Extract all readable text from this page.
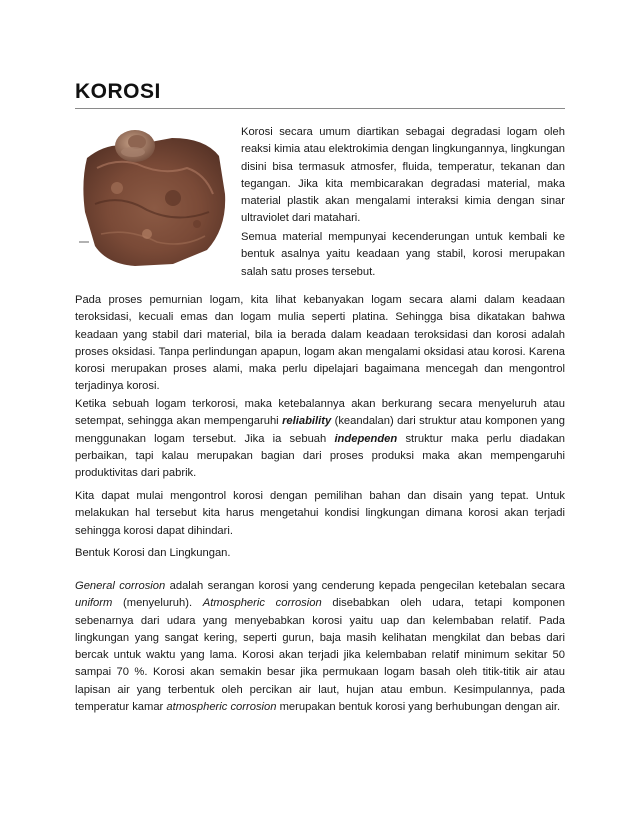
KOROSI

Korosi secara umum diartikan sebagai degradasi logam oleh reaksi kimia atau elektrokimia dengan lingkungannya, lingkungan disini bisa termasuk atmosfer, fluida, temperatur, tekanan dan tegangan. Jika kita membicarakan degradasi material, maka material plastik akan mengalami interaksi kimia dengan sinar ultraviolet dari matahari.

Semua material mempunyai kecenderungan untuk kembali ke bentuk asalnya yaitu keadaan yang stabil, korosi merupakan salah satu proses tersebut.

Pada proses pemurnian logam, kita lihat kebanyakan logam secara alami dalam keadaan teroksidasi, kecuali emas dan logam mulia seperti platina. Sehingga bisa dikatakan bahwa keadaan yang stabil dari material, bila ia berada dalam keadaan teroksidasi dan korosi adalah proses oksidasi. Tanpa perlindungan apapun, logam akan mengalami oksidasi atau korosi. Karena korosi merupakan proses alami, maka perlu dipelajari bagaimana mencegah dan mengontrol terjadinya korosi.

Ketika sebuah logam terkorosi, maka ketebalannya akan berkurang secara menyeluruh atau setempat, sehingga akan mempengaruhi reliability (keandalan) dari struktur atau komponen yang menggunakan logam tersebut. Jika ia sebuah independen struktur maka perlu diadakan perbaikan, tapi kalau merupakan bagian dari proses produksi maka akan mempengaruhi produktivitas dari pabrik.

Kita dapat mulai mengontrol korosi dengan pemilihan bahan dan disain yang tepat. Untuk melakukan hal tersebut kita harus mengetahui kondisi lingkungan dimana korosi akan terjadi sehingga korosi dapat dihindari.

Bentuk Korosi dan Lingkungan.

General corrosion adalah serangan korosi yang cenderung kepada pengecilan ketebalan secara uniform (menyeluruh). Atmospheric corrosion disebabkan oleh udara, tetapi komponen sebenarnya dari udara yang menyebabkan korosi yaitu uap dan kelembaban relatif. Pada lingkungan yang sangat kering, seperti gurun, baja masih kelihatan mengkilat dan bebas dari bercak untuk waktu yang lama. Korosi akan terjadi jika kelembaban relatif minimum sekitar 50 sampai 70 %. Korosi akan semakin besar jika permukaan logam basah oleh titik-titik air atau lapisan air yang terbentuk oleh percikan air laut, hujan atau embun. Kesimpulannya, pada temperatur kamar atmospheric corrosion merupakan bentuk korosi yang berhubungan dengan air.
